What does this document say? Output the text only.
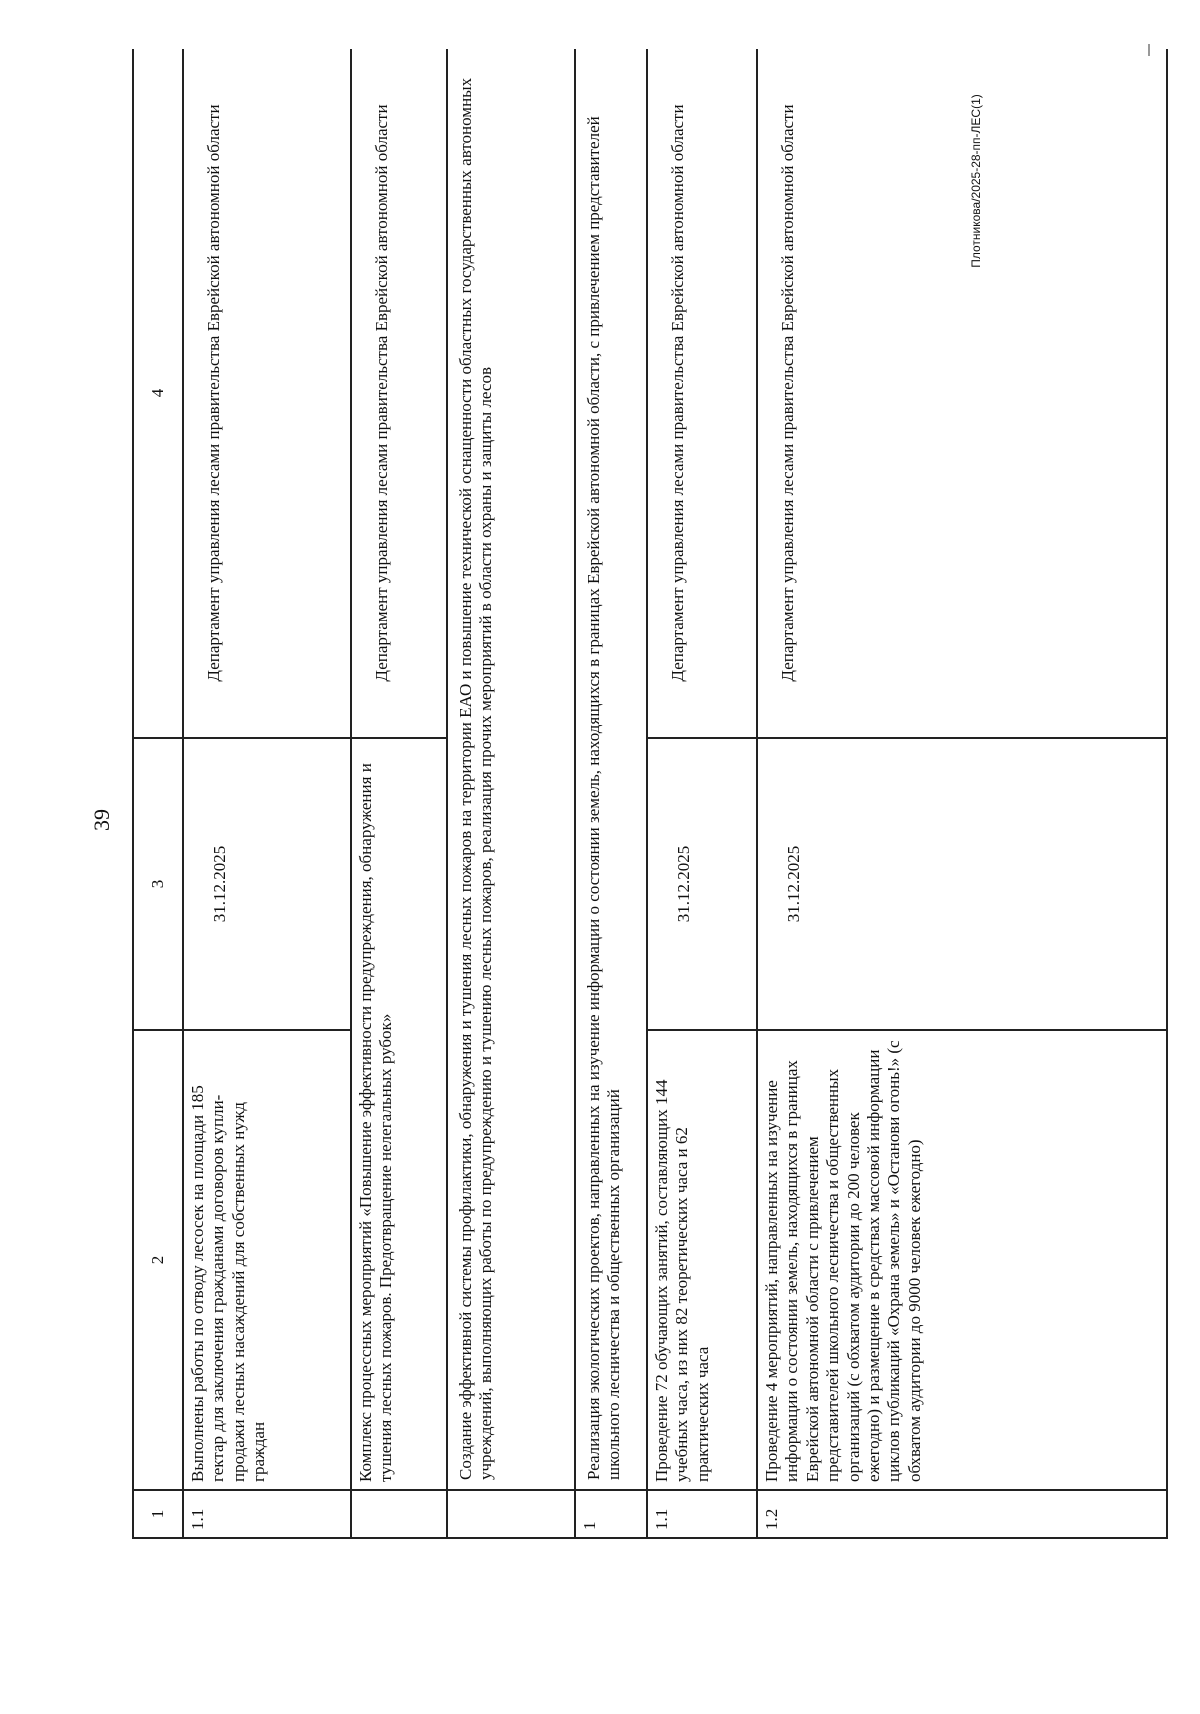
39
Плотникова/2025-28-пп-ЛЕС(1)
1	2	3	4
1.1	Выполнены работы по отводу лесосек на площади 185 гектар для заключения гражданами договоров купли-продажи лесных насаждений для собственных нужд граждан	31.12.2025	Департамент управления лесами правительства Еврейской автономной области
	Комплекс процессных мероприятий «Повышение эффективности предупреждения, обнаружения и тушения лесных пожаров. Предотвращение нелегальных рубок»		Департамент управления лесами правительства Еврейской автономной области
	Создание эффективной системы профилактики, обнаружения и тушения лесных пожаров на территории ЕАО и повышение технической оснащенности областных государственных автономных учреждений, выполняющих работы по предупреждению и тушению лесных пожаров, реализация прочих мероприятий в области охраны и защиты лесов		
1	Реализация экологических проектов, направленных на изучение информации о состоянии земель, находящихся в границах Еврейской автономной области, с привлечением представителей школьного лесничества и общественных организаций		
1.1	Проведение 72 обучающих занятий, составляющих 144 учебных часа, из них 82 теоретических часа и 62 практических часа	31.12.2025	Департамент управления лесами правительства Еврейской автономной области
1.2	Проведение 4 мероприятий, направленных на изучение информации о состоянии земель, находящихся в границах Еврейской автономной области с привлечением представителей школьного лесничества и общественных организаций (с обхватом аудитории до 200 человек ежегодно) и размещение в средствах массовой информации циклов публикаций «Охрана земель» и «Останови огонь!» (с обхватом аудитории до 9000 человек ежегодно)	31.12.2025	Департамент управления лесами правительства Еврейской автономной области
